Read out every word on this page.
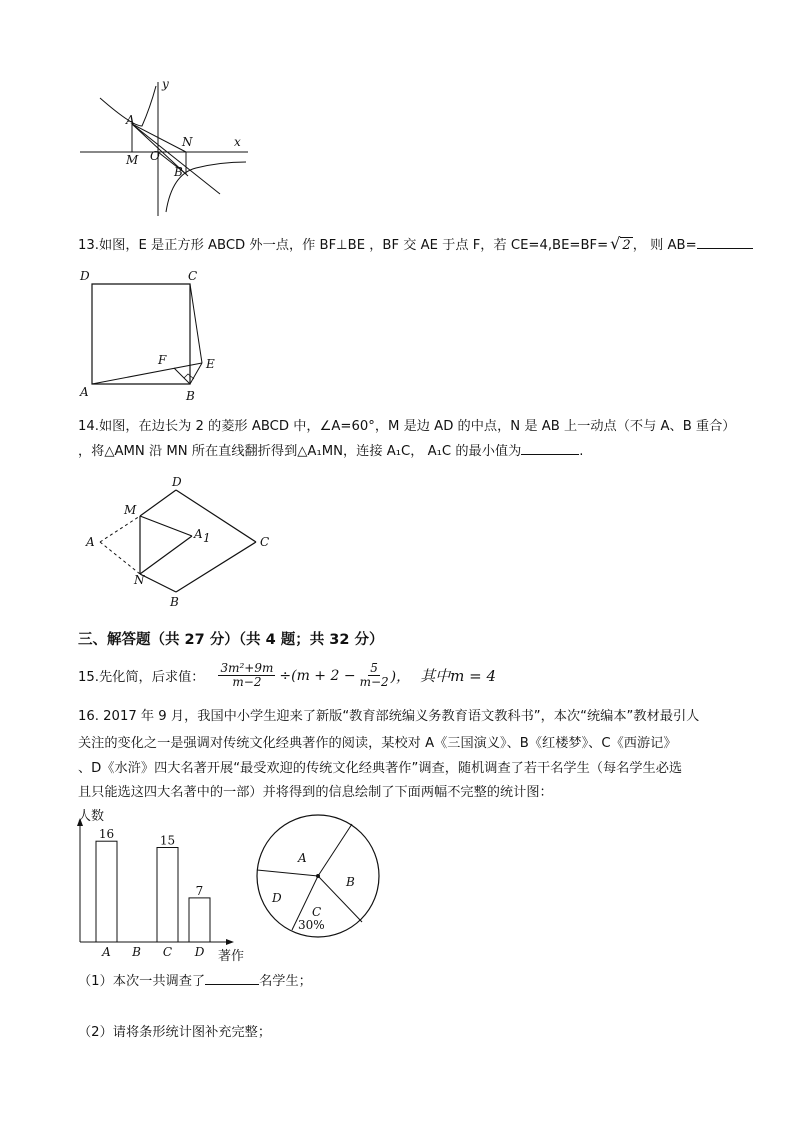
y
x
A
N
M O
B
13.如图，E 是正方形 ABCD 外一点，作 BF⊥BE ，BF 交 AE 于点 F，若 CE=4,BE=BF= √ 2 ， 则 AB=
D	C
F	E
A	B
14.如图，在边长为 2 的菱形 ABCD 中，∠A=60°，M 是边 AD 的中点，N 是 AB 上一动点（不与 A、B 重合）
，将△AMN 沿 MN 所在直线翻折得到△A₁MN，连接 A₁C， A₁C 的最小值为	.
D
M
A 1
A	C
N
B
三、解答题（共 27 分）（共 4 题；共 32 分）
15.先化简，后求值： $\frac{\text{3m²+9m}}{m-2} \div(m + 2 - \frac{5}{m-2}$ )， 其中m = 4
16. 2017 年 9 月，我国中小学生迎来了新版“教育部统编义务教育语文教科书”，本次“统编本”教材最引人
关注的变化之一是强调对传统文化经典著作的阅读，某校对 A《三国演义》、B《红楼梦》、C《西游记》
、D《水浒》四大名著开展“最受欢迎的传统文化经典著作”调查，随机调查了若干名学生（每名学生必选
且只能选这四大名著中的一部）并将得到的信息绘制了下面两幅不完整的统计图：
人数
著作
16
A B
15
C
7
D
A
B
C
D
30%
（1）本次一共调查了	名学生；
（2）请将条形统计图补充完整；
